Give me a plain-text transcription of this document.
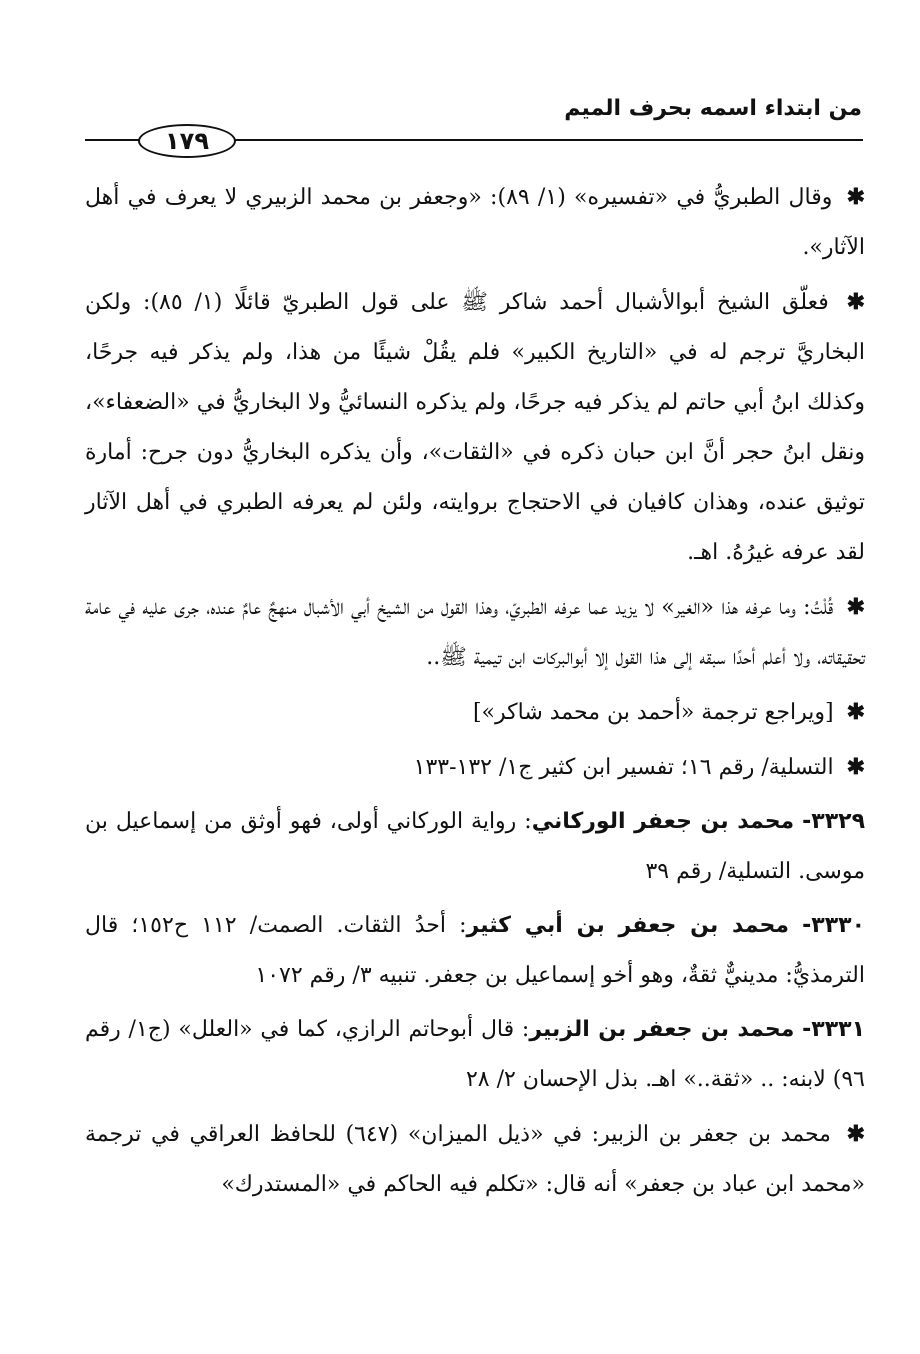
من ابتداء اسمه بحرف الميم
١٧٩

✱ وقال الطبريُّ في «تفسيره» (١/ ٨٩): «وجعفر بن محمد الزبيري لا يعرف في أهل الآثار».

✱ فعلّق الشيخ أبوالأشبال أحمد شاكر ﷺ على قول الطبريّ قائلًا (١/ ٨٥): ولكن البخاريَّ ترجم له في «التاريخ الكبير» فلم يقُلْ شيئًا من هذا، ولم يذكر فيه جرحًا، وكذلك ابنُ أبي حاتم لم يذكر فيه جرحًا، ولم يذكره النسائيُّ ولا البخاريُّ في «الضعفاء»، ونقل ابنُ حجر أنَّ ابن حبان ذكره في «الثقات»، وأن يذكره البخاريُّ دون جرح: أمارة توثيق عنده، وهذان كافيان في الاحتجاج بروايته، ولئن لم يعرفه الطبري في أهل الآثار لقد عرفه غيرُهُ. اهـ.

✱ قُلْتُ: وما عرفه هذا «الغير» لا يزيد عما عرفه الطبريّ، وهذا القول من الشيخ أبي الأشبال منهجٌ عامٌ عنده، جرى عليه في عامة تحقيقاته، ولا أعلم أحدًا سبقه إلى هذا القول إلا أبوالبركات ابن تيمية ﷺ..

✱ [ويراجع ترجمة «أحمد بن محمد شاكر»]

✱ التسلية/ رقم ١٦؛ تفسير ابن كثير ج١/ ١٣٢-١٣٣

٣٣٢٩- محمد بن جعفر الوركاني: رواية الوركاني أولى، فهو أوثق من إسماعيل بن موسى. التسلية/ رقم ٣٩

٣٣٣٠- محمد بن جعفر بن أبي كثير: أحدُ الثقات. الصمت/ ١١٢ ح١٥٢؛ قال الترمذيُّ: مدينيٌّ ثقةٌ، وهو أخو إسماعيل بن جعفر. تنبيه ٣/ رقم ١٠٧٢

٣٣٣١- محمد بن جعفر بن الزبير: قال أبوحاتم الرازي، كما في «العلل» (ج١/ رقم ٩٦) لابنه: .. «ثقة..» اهـ. بذل الإحسان ٢/ ٢٨

✱ محمد بن جعفر بن الزبير: في «ذيل الميزان» (٦٤٧) للحافظ العراقي في ترجمة «محمد ابن عباد بن جعفر» أنه قال: «تكلم فيه الحاكم في «المستدرك»
